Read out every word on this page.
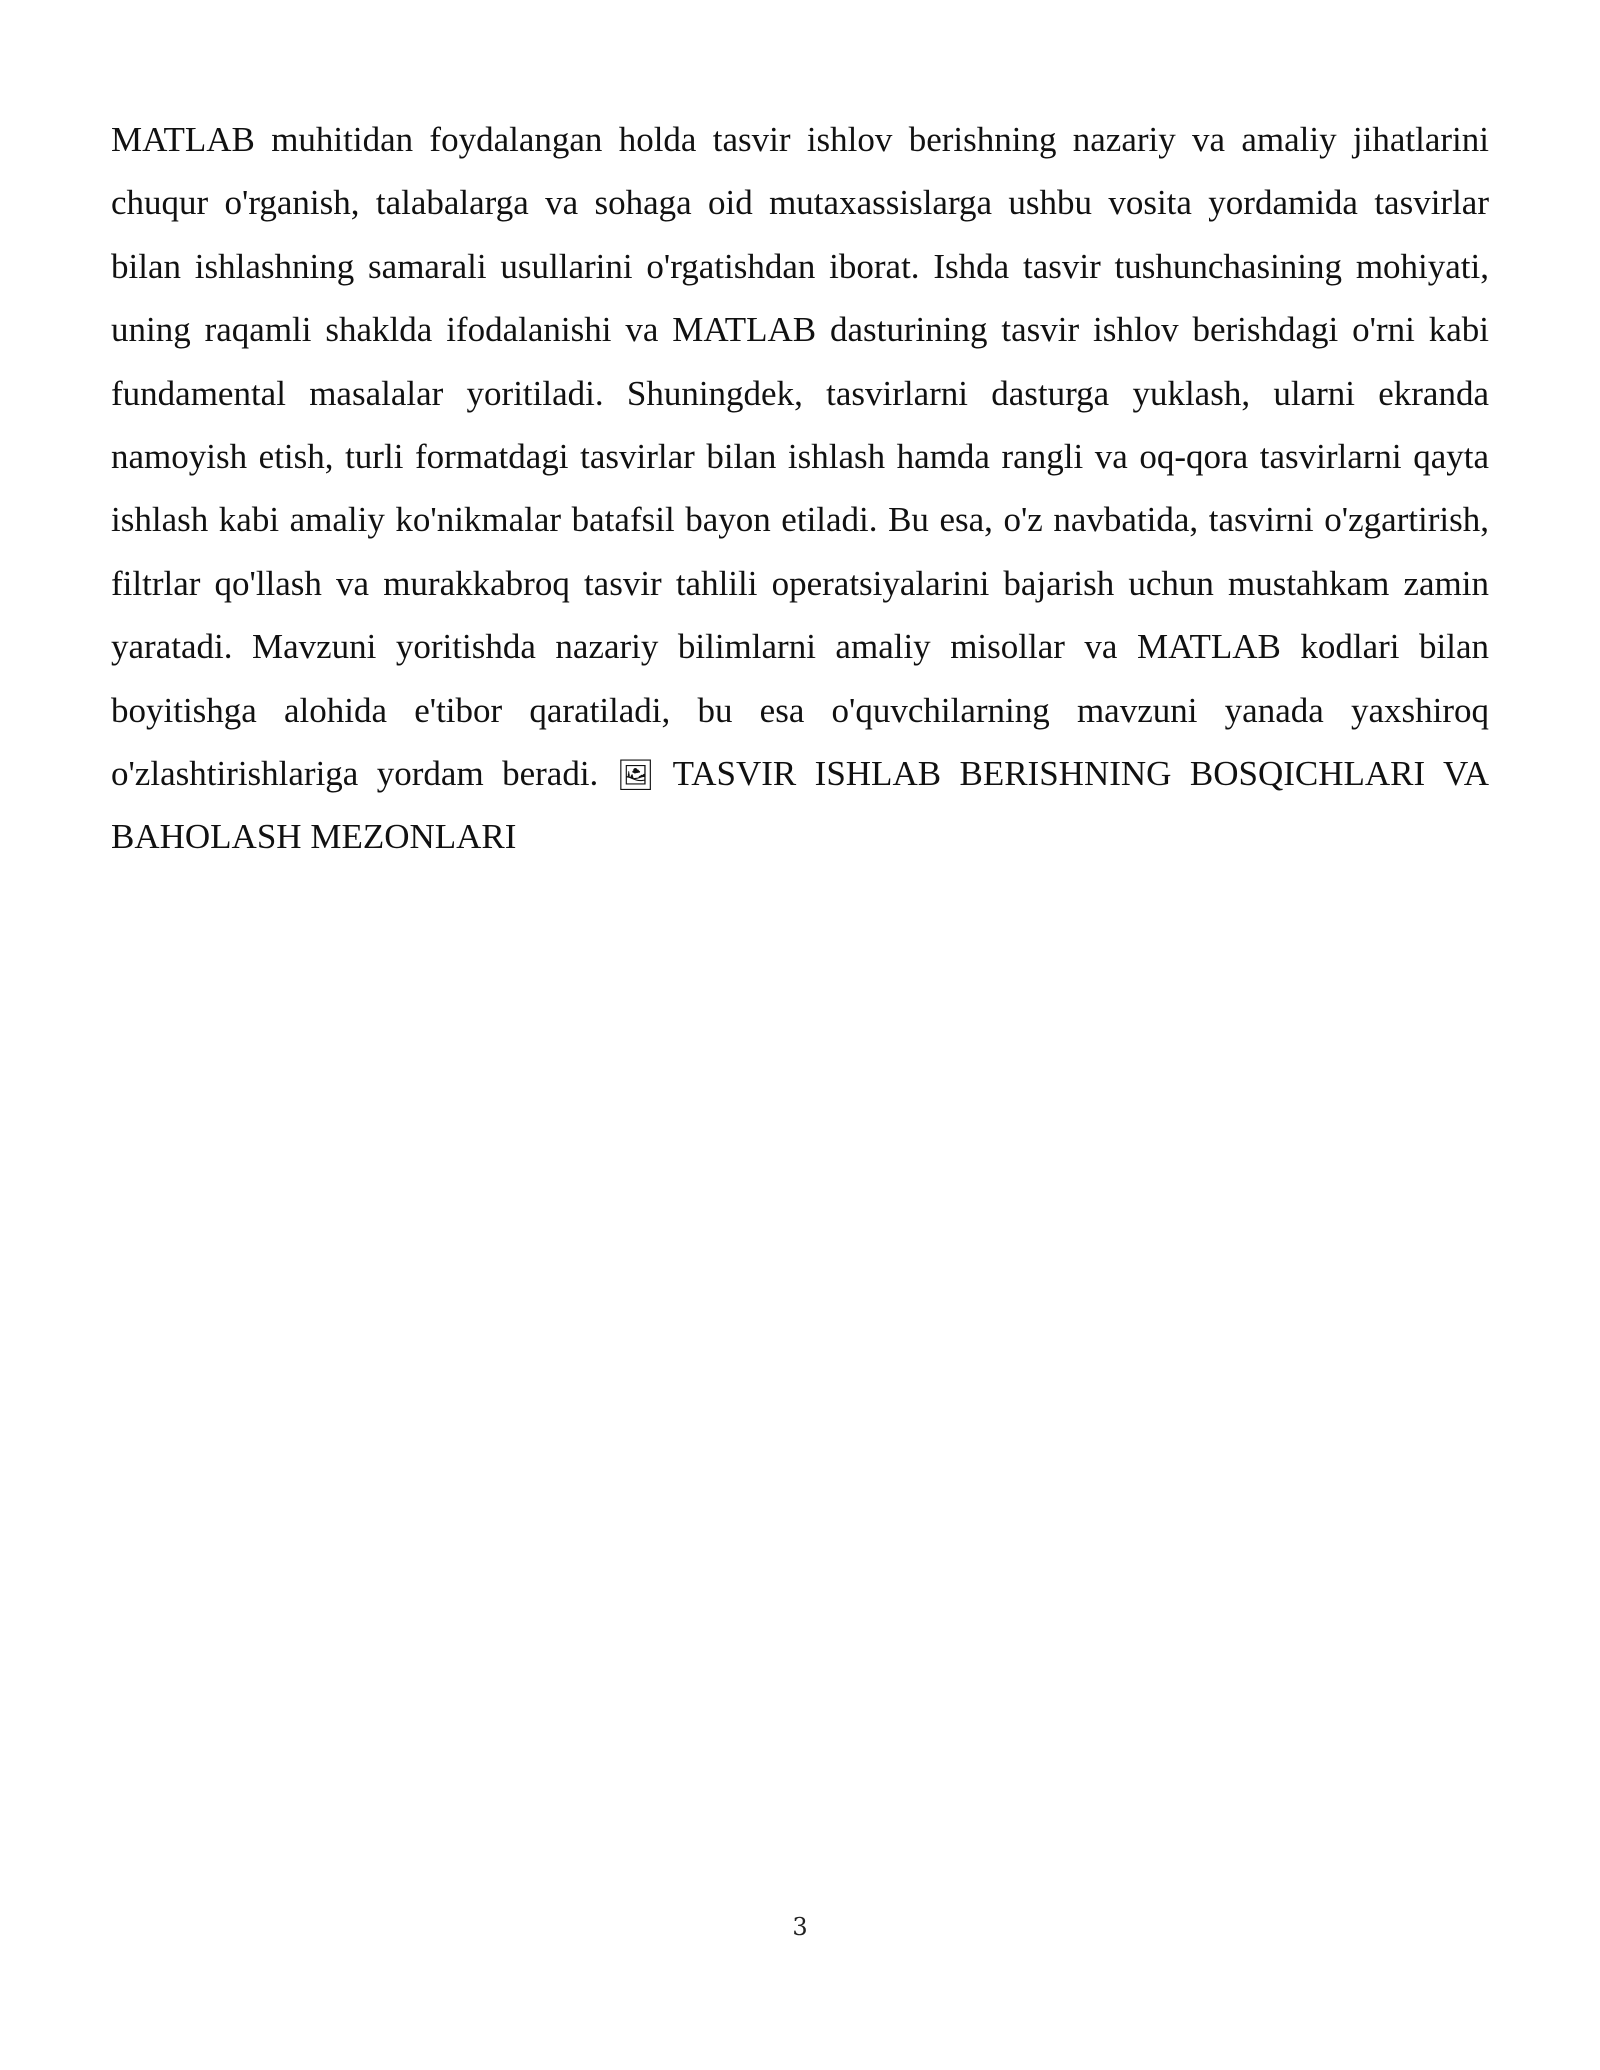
MATLAB muhitidan foydalangan holda tasvir ishlov berishning nazariy va amaliy jihatlarini chuqur o'rganish, talabalarga va sohaga oid mutaxassislarga ushbu vosita yordamida tasvirlar bilan ishlashning samarali usullarini o'rgatishdan iborat. Ishda tasvir tushunchasining mohiyati, uning raqamli shaklda ifodalanishi va MATLAB dasturining tasvir ishlov berishdagi o'rni kabi fundamental masalalar yoritiladi. Shuningdek, tasvirlarni dasturga yuklash, ularni ekranda namoyish etish, turli formatdagi tasvirlar bilan ishlash hamda rangli va oq-qora tasvirlarni qayta ishlash kabi amaliy ko'nikmalar batafsil bayon etiladi. Bu esa, o'z navbatida, tasvirni o'zgartirish, filtrlar qo'llash va murakkabroq tasvir tahlili operatsiyalarini bajarish uchun mustahkam zamin yaratadi. Mavzuni yoritishda nazariy bilimlarni amaliy misollar va MATLAB kodlari bilan boyitishga alohida e'tibor qaratiladi, bu esa o'quvchilarning mavzuni yanada yaxshiroq o'zlashtirishlariga yordam beradi. 🖼 TASVIR ISHLAB BERISHNING BOSQICHLARI VA BAHOLASH MEZONLARI

3
